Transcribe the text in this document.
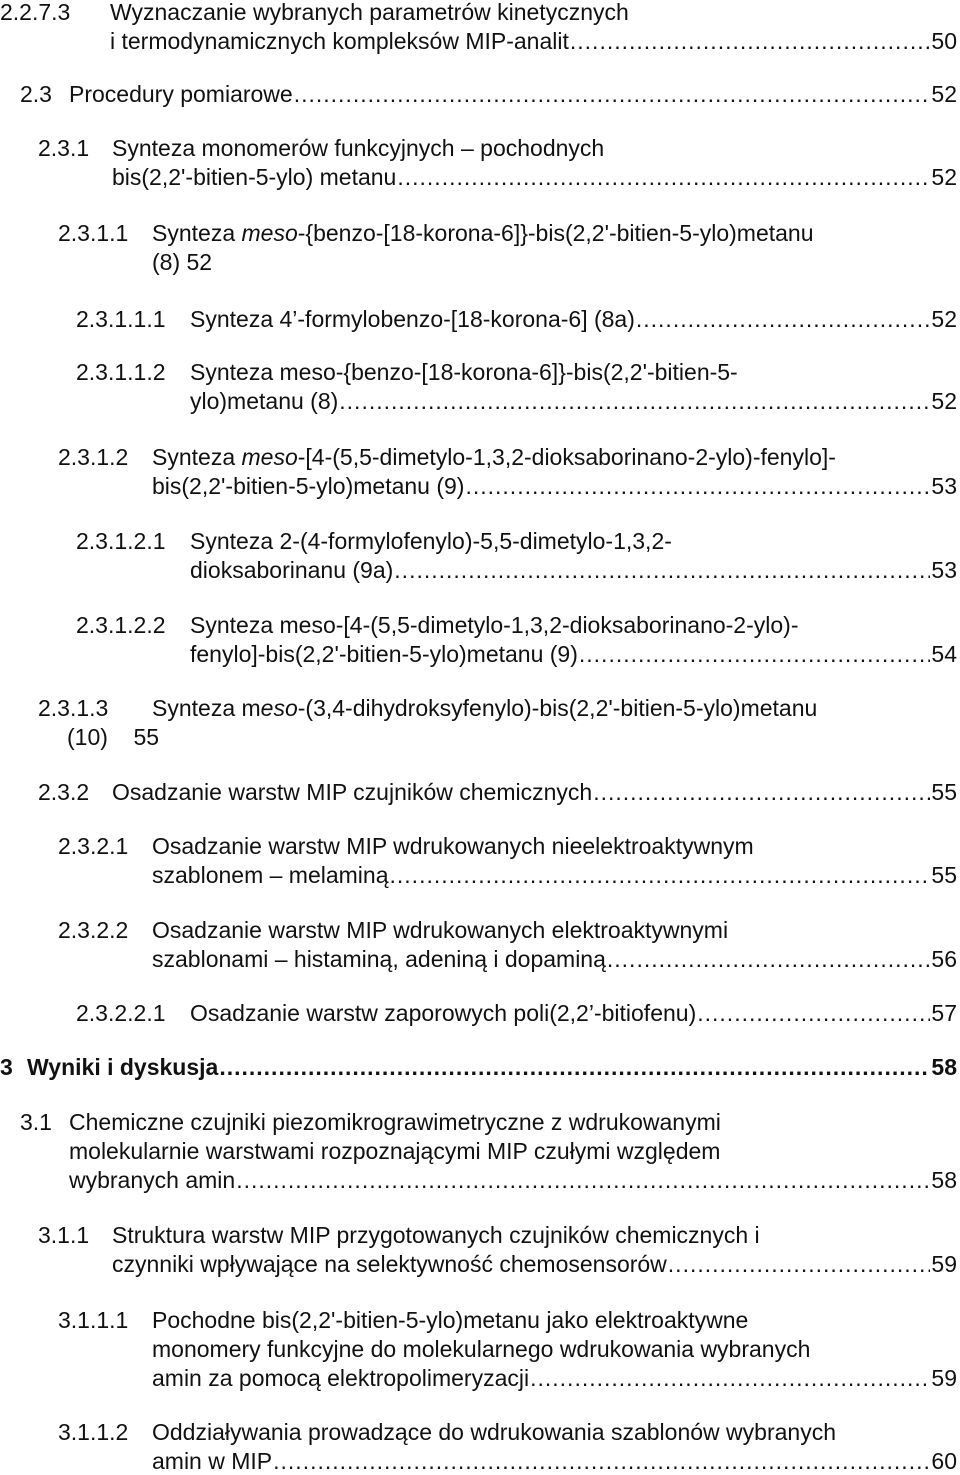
2.2.7.3 Wyznaczanie wybranych parametrów kinetycznych
i termodynamicznych kompleksów MIP-analit .....	50
2.3 Procedury pomiarowe .....	52
2.3.1 Synteza monomerów funkcyjnych – pochodnych
bis(2,2'-bitien-5-ylo) metanu .....	52
2.3.1.1 Synteza meso-{benzo-[18-korona-6]}-bis(2,2'-bitien-5-ylo)metanu
(8) 52
2.3.1.1.1	Synteza 4’-formylobenzo-[18-korona-6] (8a) .....	52
2.3.1.1.2 Synteza meso-{benzo-[18-korona-6]}-bis(2,2'-bitien-5-
ylo)metanu (8) .....	52
2.3.1.2 Synteza meso-[4-(5,5-dimetylo-1,3,2-dioksaborinano-2-ylo)-fenylo]-
bis(2,2'-bitien-5-ylo)metanu (9) .....	53
2.3.1.2.1 Synteza 2-(4-formylofenylo)-5,5-dimetylo-1,3,2-
dioksaborinanu (9a) .....	53
2.3.1.2.2 Synteza meso-[4-(5,5-dimetylo-1,3,2-dioksaborinano-2-ylo)-
fenylo]-bis(2,2'-bitien-5-ylo)metanu (9) .....	54
2.3.1.3 Synteza meso-(3,4-dihydroksyfenylo)-bis(2,2'-bitien-5-ylo)metanu
(10)    55
2.3.2 Osadzanie warstw MIP czujników chemicznych .....	55
2.3.2.1 Osadzanie warstw MIP wdrukowanych nieelektroaktywnym
szablonem – melaminą .....	55
2.3.2.2 Osadzanie warstw MIP wdrukowanych elektroaktywnymi
szablonami – histaminą, adeniną i dopaminą .....	56
2.3.2.2.1	Osadzanie warstw zaporowych poli(2,2’-bitiofenu) .....	57
3 Wyniki i dyskusja .....	58
3.1 Chemiczne czujniki piezomikrograwimetryczne z wdrukowanymi
molekularnie warstwami rozpoznającymi MIP czułymi względem
wybranych amin .....	58
3.1.1 Struktura warstw MIP przygotowanych czujników chemicznych i
czynniki wpływające na selektywność chemosensorów .....	59
3.1.1.1 Pochodne bis(2,2'-bitien-5-ylo)metanu jako elektroaktywne
monomery funkcyjne do molekularnego wdrukowania wybranych
amin za pomocą elektropolimeryzacji .....	59
3.1.1.2 Oddziaływania prowadzące do wdrukowania szablonów wybranych
amin w MIP .....	60
